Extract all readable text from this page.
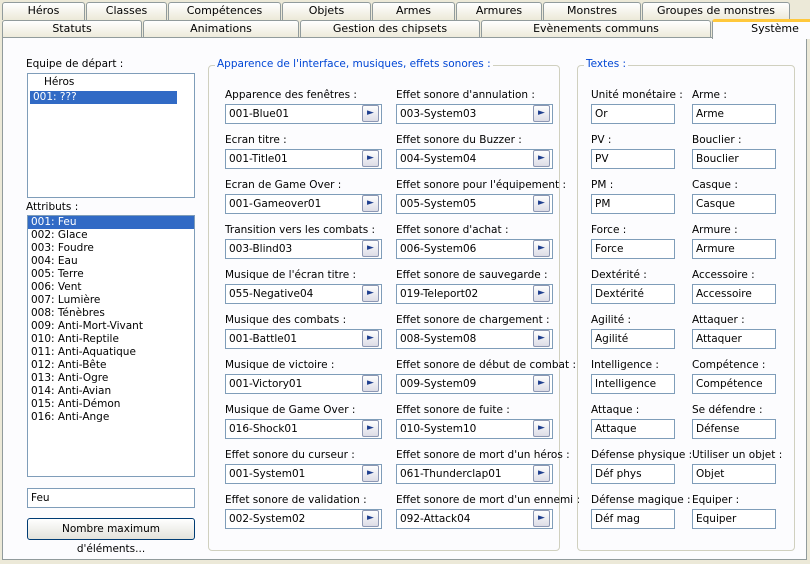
Héros	Classes	Compétences	Objets	Armes	Armures	Monstres	Groupes de monstres
Statuts	Animations	Gestion des chipsets	Evènements communs	Système
Equipe de départ :
Héros
001: ???
Attributs :
001: Feu
002: Glace
003: Foudre
004: Eau
005: Terre
006: Vent
007: Lumière
008: Ténèbres
009: Anti-Mort-Vivant
010: Anti-Reptile
011: Anti-Aquatique
012: Anti-Bête
013: Anti-Ogre
014: Anti-Avian
015: Anti-Démon
016: Anti-Ange
Feu
Nombre maximum d'éléments...
Apparence de l'interface, musiques, effets sonores :
Apparence des fenêtres :
001-Blue01	►
Ecran titre :
001-Title01	►
Ecran de Game Over :
001-Gameover01	►
Transition vers les combats :
003-Blind03	►
Musique de l'écran titre :
055-Negative04	►
Musique des combats :
001-Battle01	►
Musique de victoire :
001-Victory01	►
Musique de Game Over :
016-Shock01	►
Effet sonore du curseur :
001-System01	►
Effet sonore de validation :
002-System02	►
Effet sonore d'annulation :
003-System03	►
Effet sonore du Buzzer :
004-System04	►
Effet sonore pour l'équipement :
005-System05	►
Effet sonore d'achat :
006-System06	►
Effet sonore de sauvegarde :
019-Teleport02	►
Effet sonore de chargement :
008-System08	►
Effet sonore de début de combat :
009-System09	►
Effet sonore de fuite :
010-System10	►
Effet sonore de mort d'un héros :
061-Thunderclap01	►
Effet sonore de mort d'un ennemi :
092-Attack04	►
Textes :
Unité monétaire :
Or
PV :
PV
PM :
PM
Force :
Force
Dextérité :
Dextérité
Agilité :
Agilité
Intelligence :
Intelligence
Attaque :
Attaque
Défense physique :
Déf phys
Défense magique :
Déf mag
Arme :
Arme
Bouclier :
Bouclier
Casque :
Casque
Armure :
Armure
Accessoire :
Accessoire
Attaquer :
Attaquer
Compétence :
Compétence
Se défendre :
Défense
Utiliser un objet :
Objet
Equiper :
Equiper
